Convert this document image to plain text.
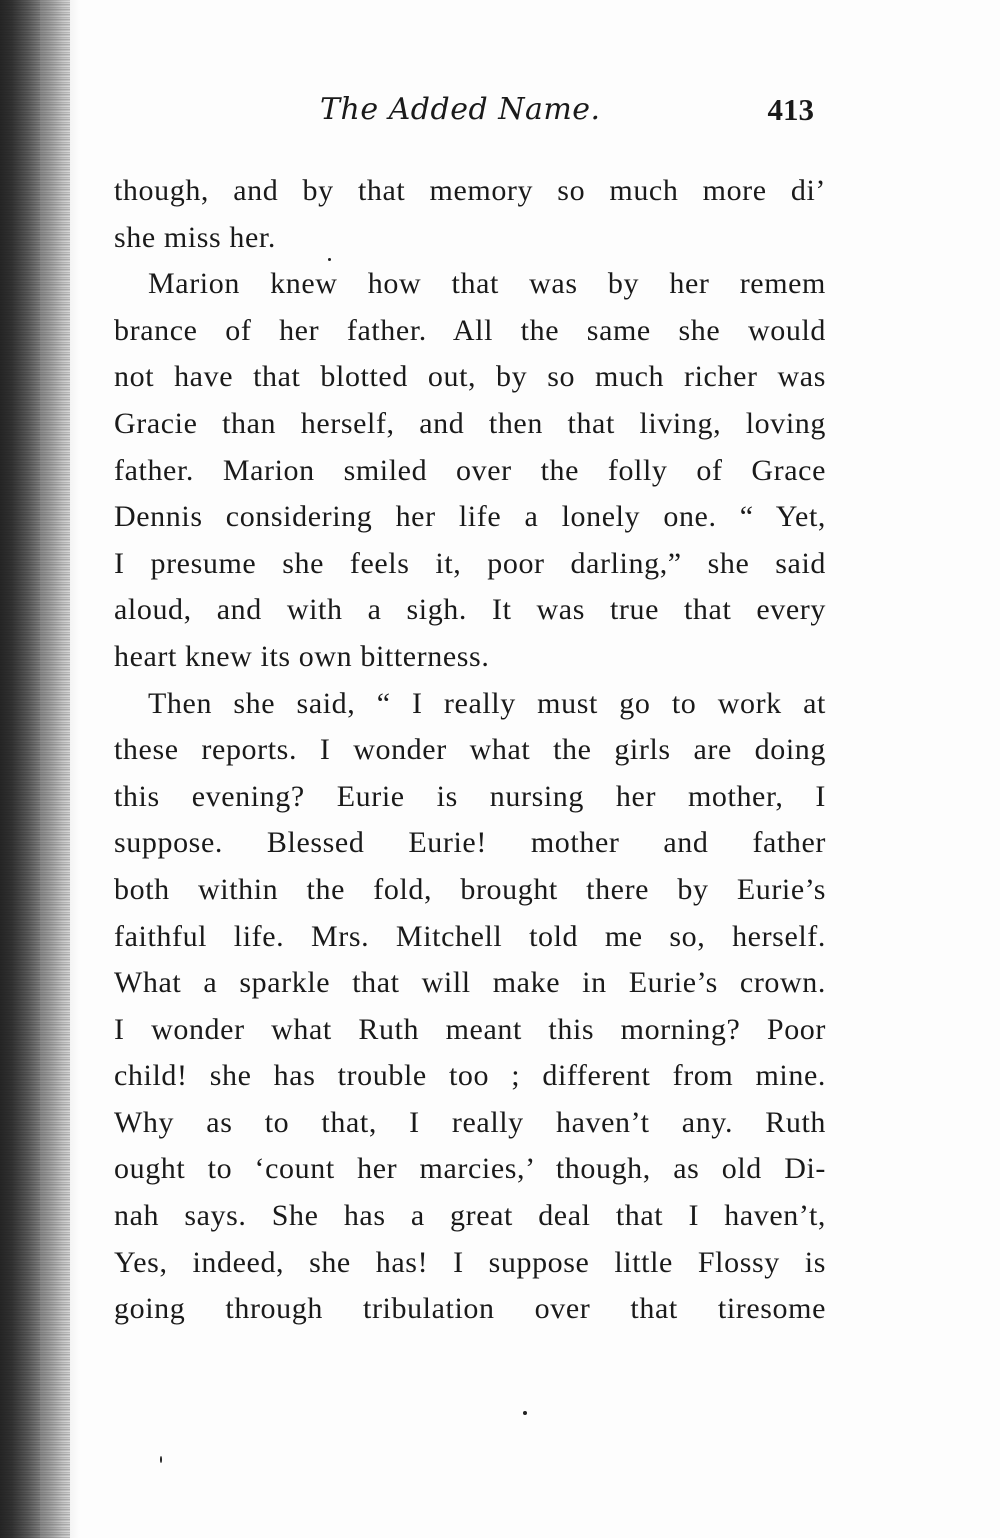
The Added Name.	413
though, and by that memory so much more di’
she miss her.
Marion knew how that was by her remem
brance of her father. All the same she would
not have that blotted out, by so much richer was
Gracie than herself, and then that living, loving
father. Marion smiled over the folly of Grace
Dennis considering her life a lonely one. “ Yet,
I presume she feels it, poor darling,” she said
aloud, and with a sigh. It was true that every
heart knew its own bitterness.
Then she said, “ I really must go to work at
these reports. I wonder what the girls are doing
this evening? Eurie is nursing her mother, I
suppose. Blessed Eurie! mother and father
both within the fold, brought there by Eurie’s
faithful life. Mrs. Mitchell told me so, herself.
What a sparkle that will make in Eurie’s crown.
I wonder what Ruth meant this morning? Poor
child! she has trouble too ; different from mine.
Why as to that, I really haven’t any. Ruth
ought to ‘count her marcies,’ though, as old Di-
nah says. She has a great deal that I haven’t,
Yes, indeed, she has! I suppose little Flossy is
going through tribulation over that tiresome
